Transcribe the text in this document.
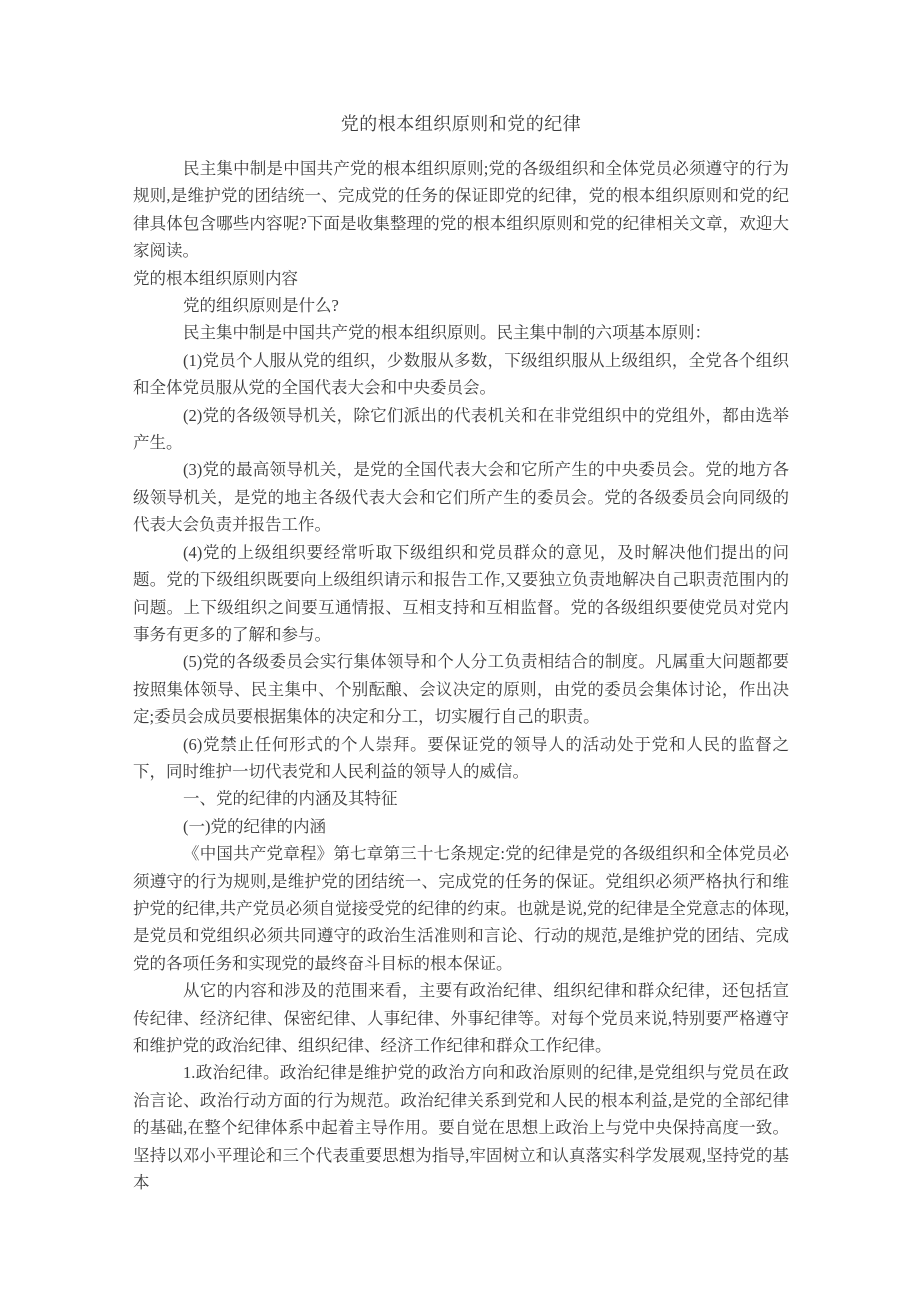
党的根本组织原则和党的纪律

民主集中制是中国共产党的根本组织原则;党的各级组织和全体党员必须遵守的行为规则,是维护党的团结统一、完成党的任务的保证即党的纪律，党的根本组织原则和党的纪律具体包含哪些内容呢?下面是收集整理的党的根本组织原则和党的纪律相关文章，欢迎大家阅读。

党的根本组织原则内容

党的组织原则是什么?

民主集中制是中国共产党的根本组织原则。民主集中制的六项基本原则：

(1)党员个人服从党的组织，少数服从多数，下级组织服从上级组织，全党各个组织和全体党员服从党的全国代表大会和中央委员会。

(2)党的各级领导机关，除它们派出的代表机关和在非党组织中的党组外，都由选举产生。

(3)党的最高领导机关，是党的全国代表大会和它所产生的中央委员会。党的地方各级领导机关，是党的地主各级代表大会和它们所产生的委员会。党的各级委员会向同级的代表大会负责并报告工作。

(4)党的上级组织要经常听取下级组织和党员群众的意见，及时解决他们提出的问题。党的下级组织既要向上级组织请示和报告工作,又要独立负责地解决自己职责范围内的问题。上下级组织之间要互通情报、互相支持和互相监督。党的各级组织要使党员对党内事务有更多的了解和参与。

(5)党的各级委员会实行集体领导和个人分工负责相结合的制度。凡属重大问题都要按照集体领导、民主集中、个别酝酿、会议决定的原则，由党的委员会集体讨论，作出决定;委员会成员要根据集体的决定和分工，切实履行自己的职责。

(6)党禁止任何形式的个人崇拜。要保证党的领导人的活动处于党和人民的监督之下，同时维护一切代表党和人民利益的领导人的威信。

一、党的纪律的内涵及其特征

(一)党的纪律的内涵

《中国共产党章程》第七章第三十七条规定:党的纪律是党的各级组织和全体党员必须遵守的行为规则,是维护党的团结统一、完成党的任务的保证。党组织必须严格执行和维护党的纪律,共产党员必须自觉接受党的纪律的约束。也就是说,党的纪律是全党意志的体现,是党员和党组织必须共同遵守的政治生活准则和言论、行动的规范,是维护党的团结、完成党的各项任务和实现党的最终奋斗目标的根本保证。

从它的内容和涉及的范围来看，主要有政治纪律、组织纪律和群众纪律，还包括宣传纪律、经济纪律、保密纪律、人事纪律、外事纪律等。对每个党员来说,特别要严格遵守和维护党的政治纪律、组织纪律、经济工作纪律和群众工作纪律。

1.政治纪律。政治纪律是维护党的政治方向和政治原则的纪律,是党组织与党员在政治言论、政治行动方面的行为规范。政治纪律关系到党和人民的根本利益,是党的全部纪律的基础,在整个纪律体系中起着主导作用。要自觉在思想上政治上与党中央保持高度一致。坚持以邓小平理论和三个代表重要思想为指导,牢固树立和认真落实科学发展观,坚持党的基本
